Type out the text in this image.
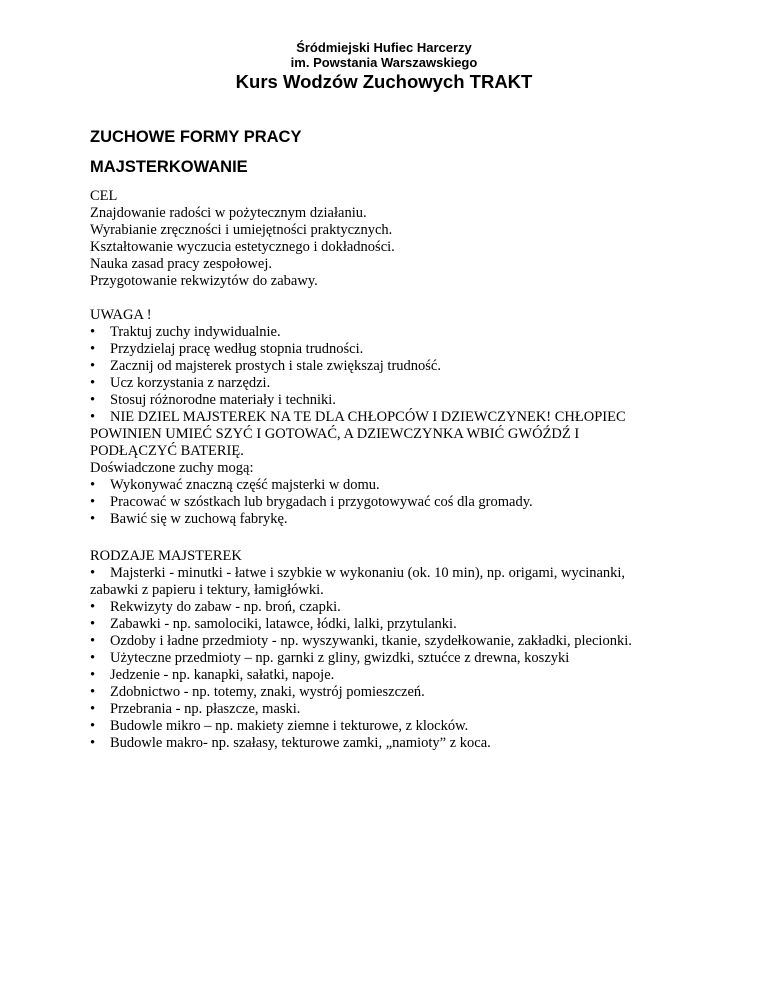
Śródmiejski Hufiec Harcerzy
im. Powstania Warszawskiego
Kurs Wodzów Zuchowych TRAKT
ZUCHOWE FORMY PRACY
MAJSTERKOWANIE
CEL
Znajdowanie radości w pożytecznym działaniu.
Wyrabianie zręczności i umiejętności praktycznych.
Kształtowanie wyczucia estetycznego i dokładności.
Nauka zasad pracy zespołowej.
Przygotowanie rekwizytów do zabawy.
UWAGA !
•	Traktuj zuchy indywidualnie.
•	Przydzielaj pracę według stopnia trudności.
•	Zacznij od majsterek prostych i stale zwiększaj trudność.
•	Ucz korzystania z narzędzi.
•	Stosuj różnorodne materiały i techniki.
•	NIE DZIEL MAJSTEREK NA TE DLA CHŁOPCÓW I DZIEWCZYNEK! CHŁOPIEC
POWINIEN UMIEĆ SZYĆ I GOTOWAĆ, A DZIEWCZYNKA WBIĆ GWÓŹDŹ I
PODŁĄCZYĆ BATERIĘ.
Doświadczone zuchy mogą:
•	Wykonywać znaczną część majsterki w domu.
•	Pracować w szóstkach lub brygadach i przygotowywać coś dla gromady.
•	Bawić się w zuchową fabrykę.
RODZAJE MAJSTEREK
•	Majsterki - minutki - łatwe i szybkie w wykonaniu (ok. 10 min), np. origami, wycinanki,
zabawki z papieru i tektury, łamigłówki.
•	Rekwizyty do zabaw - np. broń, czapki.
•	Zabawki - np. samolociki, latawce, łódki, lalki, przytulanki.
•	Ozdoby i ładne przedmioty - np. wyszywanki, tkanie, szydełkowanie, zakładki, plecionki.
•	Użyteczne przedmioty – np. garnki z gliny, gwizdki, sztućce z drewna, koszyki
•	Jedzenie - np. kanapki, sałatki, napoje.
•	Zdobnictwo - np. totemy, znaki, wystrój pomieszczeń.
•	Przebrania - np. płaszcze, maski.
•	Budowle mikro – np. makiety ziemne i tekturowe, z klocków.
•	Budowle makro- np. szałasy, tekturowe zamki, „namioty” z koca.
